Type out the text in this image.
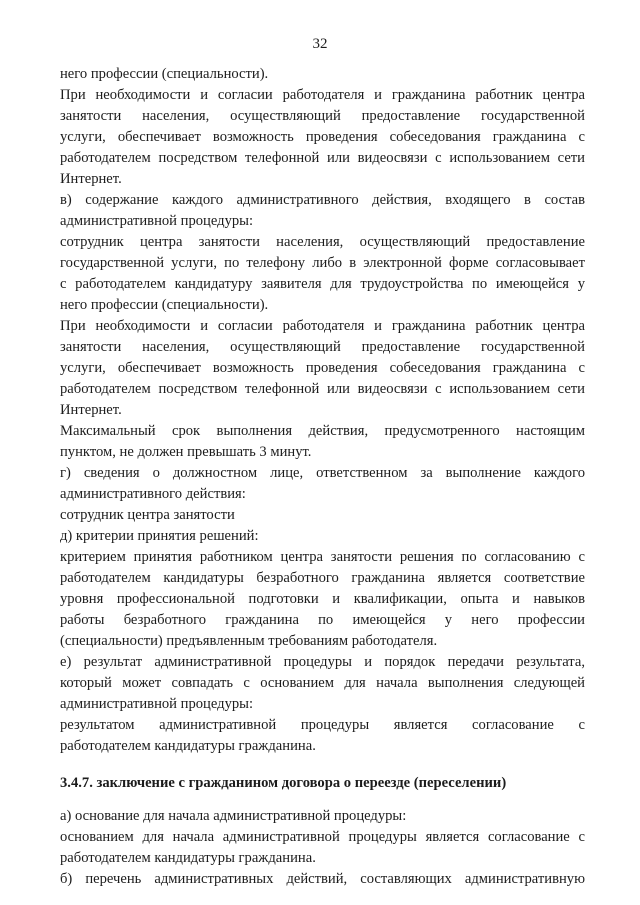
32
него профессии (специальности).
При необходимости и согласии работодателя и гражданина работник центра
занятости населения, осуществляющий предоставление государственной
услуги, обеспечивает возможность проведения собеседования гражданина с
работодателем посредством телефонной или видеосвязи с использованием сети
Интернет.
в) содержание каждого административного действия, входящего в состав
административной процедуры:
сотрудник центра занятости населения, осуществляющий предоставление
государственной услуги, по телефону либо в электронной форме согласовывает
с работодателем кандидатуру заявителя для трудоустройства по имеющейся у
него профессии (специальности).
При необходимости и согласии работодателя и гражданина работник центра
занятости населения, осуществляющий предоставление государственной
услуги, обеспечивает возможность проведения собеседования гражданина с
работодателем посредством телефонной или видеосвязи с использованием сети
Интернет.
Максимальный срок выполнения действия, предусмотренного настоящим
пунктом, не должен превышать 3 минут.
г) сведения о должностном лице, ответственном за выполнение каждого
административного действия:
сотрудник центра занятости
д) критерии принятия решений:
критерием принятия работником центра занятости решения по согласованию с
работодателем кандидатуры безработного гражданина является соответствие
уровня профессиональной подготовки и квалификации, опыта и навыков
работы безработного гражданина по имеющейся у него профессии
(специальности) предъявленным требованиям работодателя.
е) результат административной процедуры и порядок передачи результата,
который может совпадать с основанием для начала выполнения следующей
административной процедуры:
результатом административной процедуры является согласование с
работодателем кандидатуры гражданина.
3.4.7. заключение с гражданином договора о переезде (переселении)
а) основание для начала административной процедуры:
основанием для начала административной процедуры является согласование с
работодателем кандидатуры гражданина.
б) перечень административных действий, составляющих административную
